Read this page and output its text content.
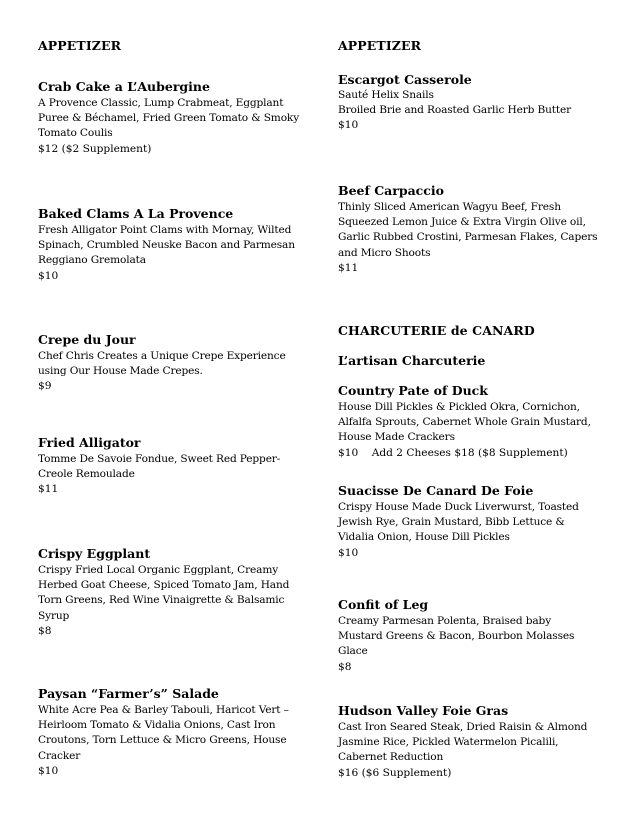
APPETIZER
Crab Cake a L’Aubergine
A Provence Classic, Lump Crabmeat, Eggplant
Puree & Béchamel, Fried Green Tomato & Smoky
Tomato Coulis
$12 ($2 Supplement)
Baked Clams A La Provence
Fresh Alligator Point Clams with Mornay, Wilted
Spinach, Crumbled Neuske Bacon and Parmesan
Reggiano Gremolata
$10
Crepe du Jour
Chef Chris Creates a Unique Crepe Experience
using Our House Made Crepes.
$9
Fried Alligator
Tomme De Savoie Fondue, Sweet Red Pepper-
Creole Remoulade
$11
Crispy Eggplant
Crispy Fried Local Organic Eggplant, Creamy
Herbed Goat Cheese, Spiced Tomato Jam, Hand
Torn Greens, Red Wine Vinaigrette & Balsamic
Syrup
$8
Paysan “Farmer’s” Salade
White Acre Pea & Barley Tabouli, Haricot Vert –
Heirloom Tomato & Vidalia Onions, Cast Iron
Croutons, Torn Lettuce & Micro Greens, House
Cracker
$10
APPETIZER
Escargot Casserole
Sauté Helix Snails
Broiled Brie and Roasted Garlic Herb Butter
$10
Beef Carpaccio
Thinly Sliced American Wagyu Beef, Fresh
Squeezed Lemon Juice & Extra Virgin Olive oil,
Garlic Rubbed Crostini, Parmesan Flakes, Capers
and Micro Shoots
$11
CHARCUTERIE de CANARD
L’artisan Charcuterie
Country Pate of Duck
House Dill Pickles & Pickled Okra, Cornichon,
Alfalfa Sprouts, Cabernet Whole Grain Mustard,
House Made Crackers
$10    Add 2 Cheeses $18 ($8 Supplement)
Suacisse De Canard De Foie
Crispy House Made Duck Liverwurst, Toasted
Jewish Rye, Grain Mustard, Bibb Lettuce &
Vidalia Onion, House Dill Pickles
$10
Confit of Leg
Creamy Parmesan Polenta, Braised baby
Mustard Greens & Bacon, Bourbon Molasses
Glace
$8
Hudson Valley Foie Gras
Cast Iron Seared Steak, Dried Raisin & Almond
Jasmine Rice, Pickled Watermelon Picalili,
Cabernet Reduction
$16 ($6 Supplement)
